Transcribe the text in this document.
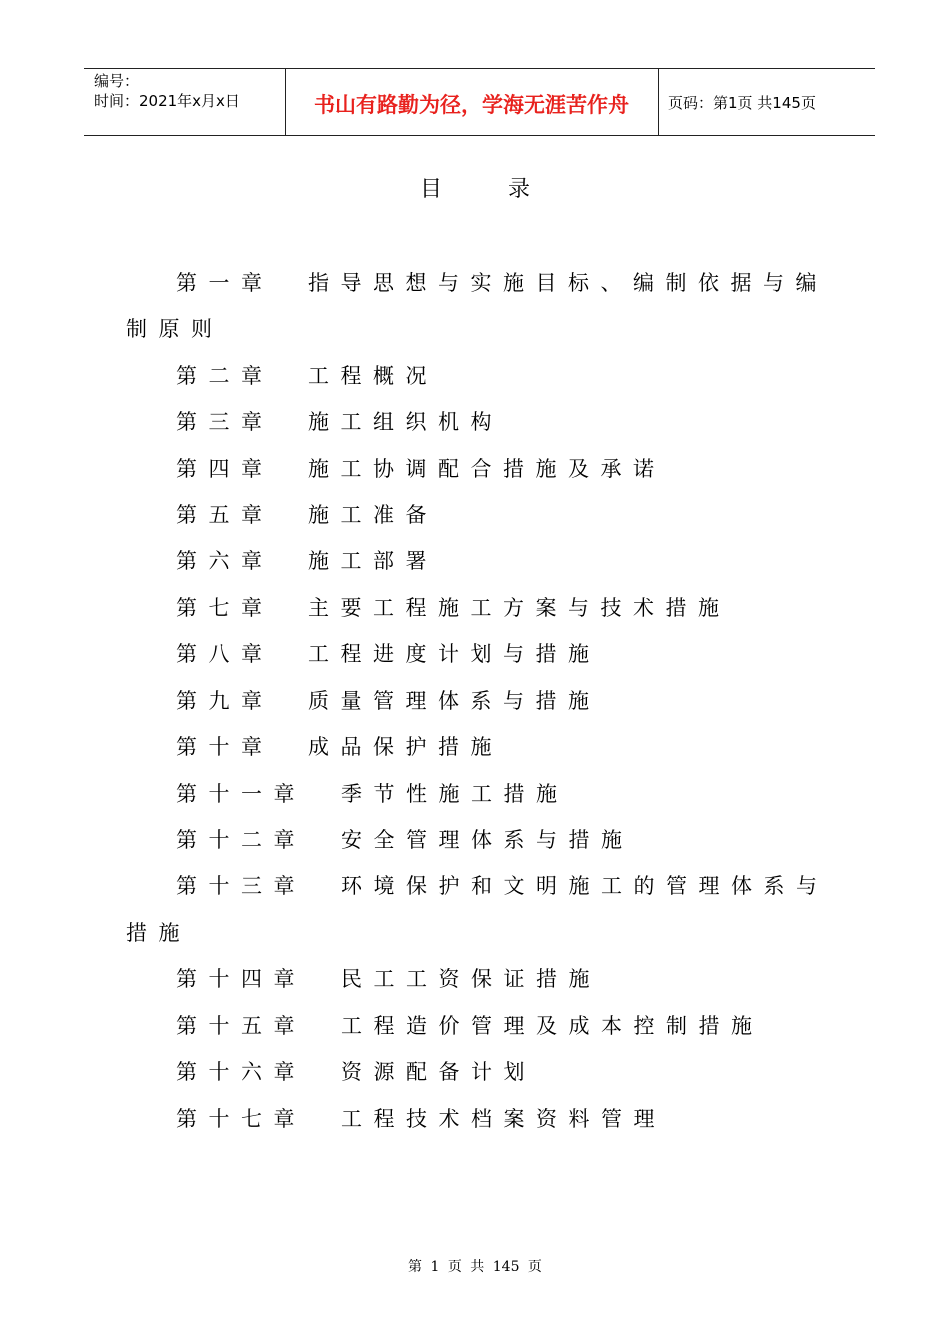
编号：
时间：2021年x月x日	书山有路勤为径，学海无涯苦作舟	页码：第1页 共145页
目	录
第一章 指导思想与实施目标、编制依据与编
制原则
第二章 工程概况
第三章 施工组织机构
第四章 施工协调配合措施及承诺
第五章 施工准备
第六章 施工部署
第七章 主要工程施工方案与技术措施
第八章 工程进度计划与措施
第九章 质量管理体系与措施
第十章 成品保护措施
第十一章 季节性施工措施
第十二章 安全管理体系与措施
第十三章 环境保护和文明施工的管理体系与
措施
第十四章 民工工资保证措施
第十五章 工程造价管理及成本控制措施
第十六章 资源配备计划
第十七章 工程技术档案资料管理
第 1 页 共 145 页
